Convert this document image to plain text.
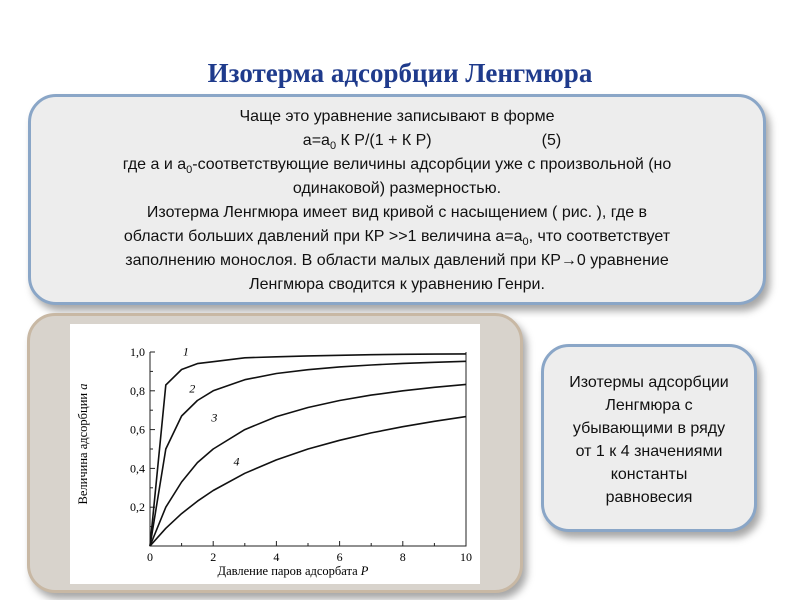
Изотерма адсорбции Ленгмюра
Чаще это уравнение записывают в форме
$а=а_0$ К Р/(1 + К Р)	(5)
где а и $а_0$-соответствующие величины адсорбции уже с произвольной (но
одинаковой) размерностью.
Изотерма Ленгмюра имеет вид кривой с насыщением ( рис. ), где в
области больших давлений при КР >>1 величина $а=а_0$, что соответствует
заполнению монослоя. В области малых давлений при КР→0 уравнение
Ленгмюра сводится к уравнению Генри.
0	2	4	6	8	10
0,2
0,4
0,6
0,8
1,0	1
2
3
4
Давление паров адсорбата P
Величина адсорбции a	Изотермы адсорбции
Ленгмюра с
убывающими в ряду
от 1 к 4 значениями
константы
равновесия
